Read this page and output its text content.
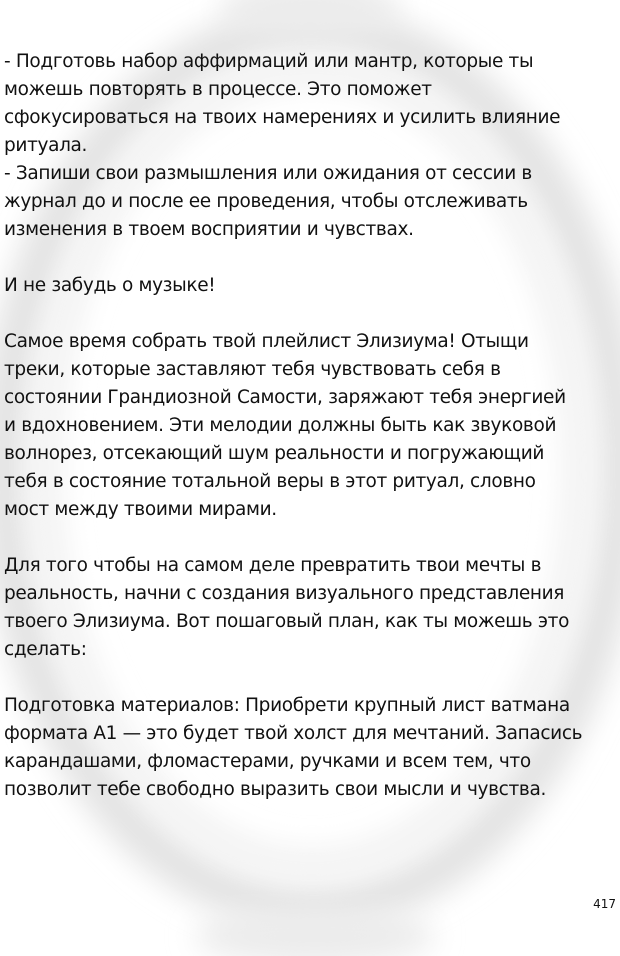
- Подготовь набор аффирмаций или мантр, которые ты
можешь повторять в процессе. Это поможет
сфокусироваться на твоих намерениях и усилить влияние
ритуала.
- Запиши свои размышления или ожидания от сессии в
журнал до и после ее проведения, чтобы отслеживать
изменения в твоем восприятии и чувствах.
И не забудь о музыке!
Самое время собрать твой плейлист Элизиума! Отыщи
треки, которые заставляют тебя чувствовать себя в
состоянии Грандиозной Самости, заряжают тебя энергией
и вдохновением. Эти мелодии должны быть как звуковой
волнорез, отсекающий шум реальности и погружающий
тебя в состояние тотальной веры в этот ритуал, словно
мост между твоими мирами.
Для того чтобы на самом деле превратить твои мечты в
реальность, начни с создания визуального представления
твоего Элизиума. Вот пошаговый план, как ты можешь это
сделать:
Подготовка материалов: Приобрети крупный лист ватмана
формата А1 — это будет твой холст для мечтаний. Запасись
карандашами, фломастерами, ручками и всем тем, что
позволит тебе свободно выразить свои мысли и чувства.
417
